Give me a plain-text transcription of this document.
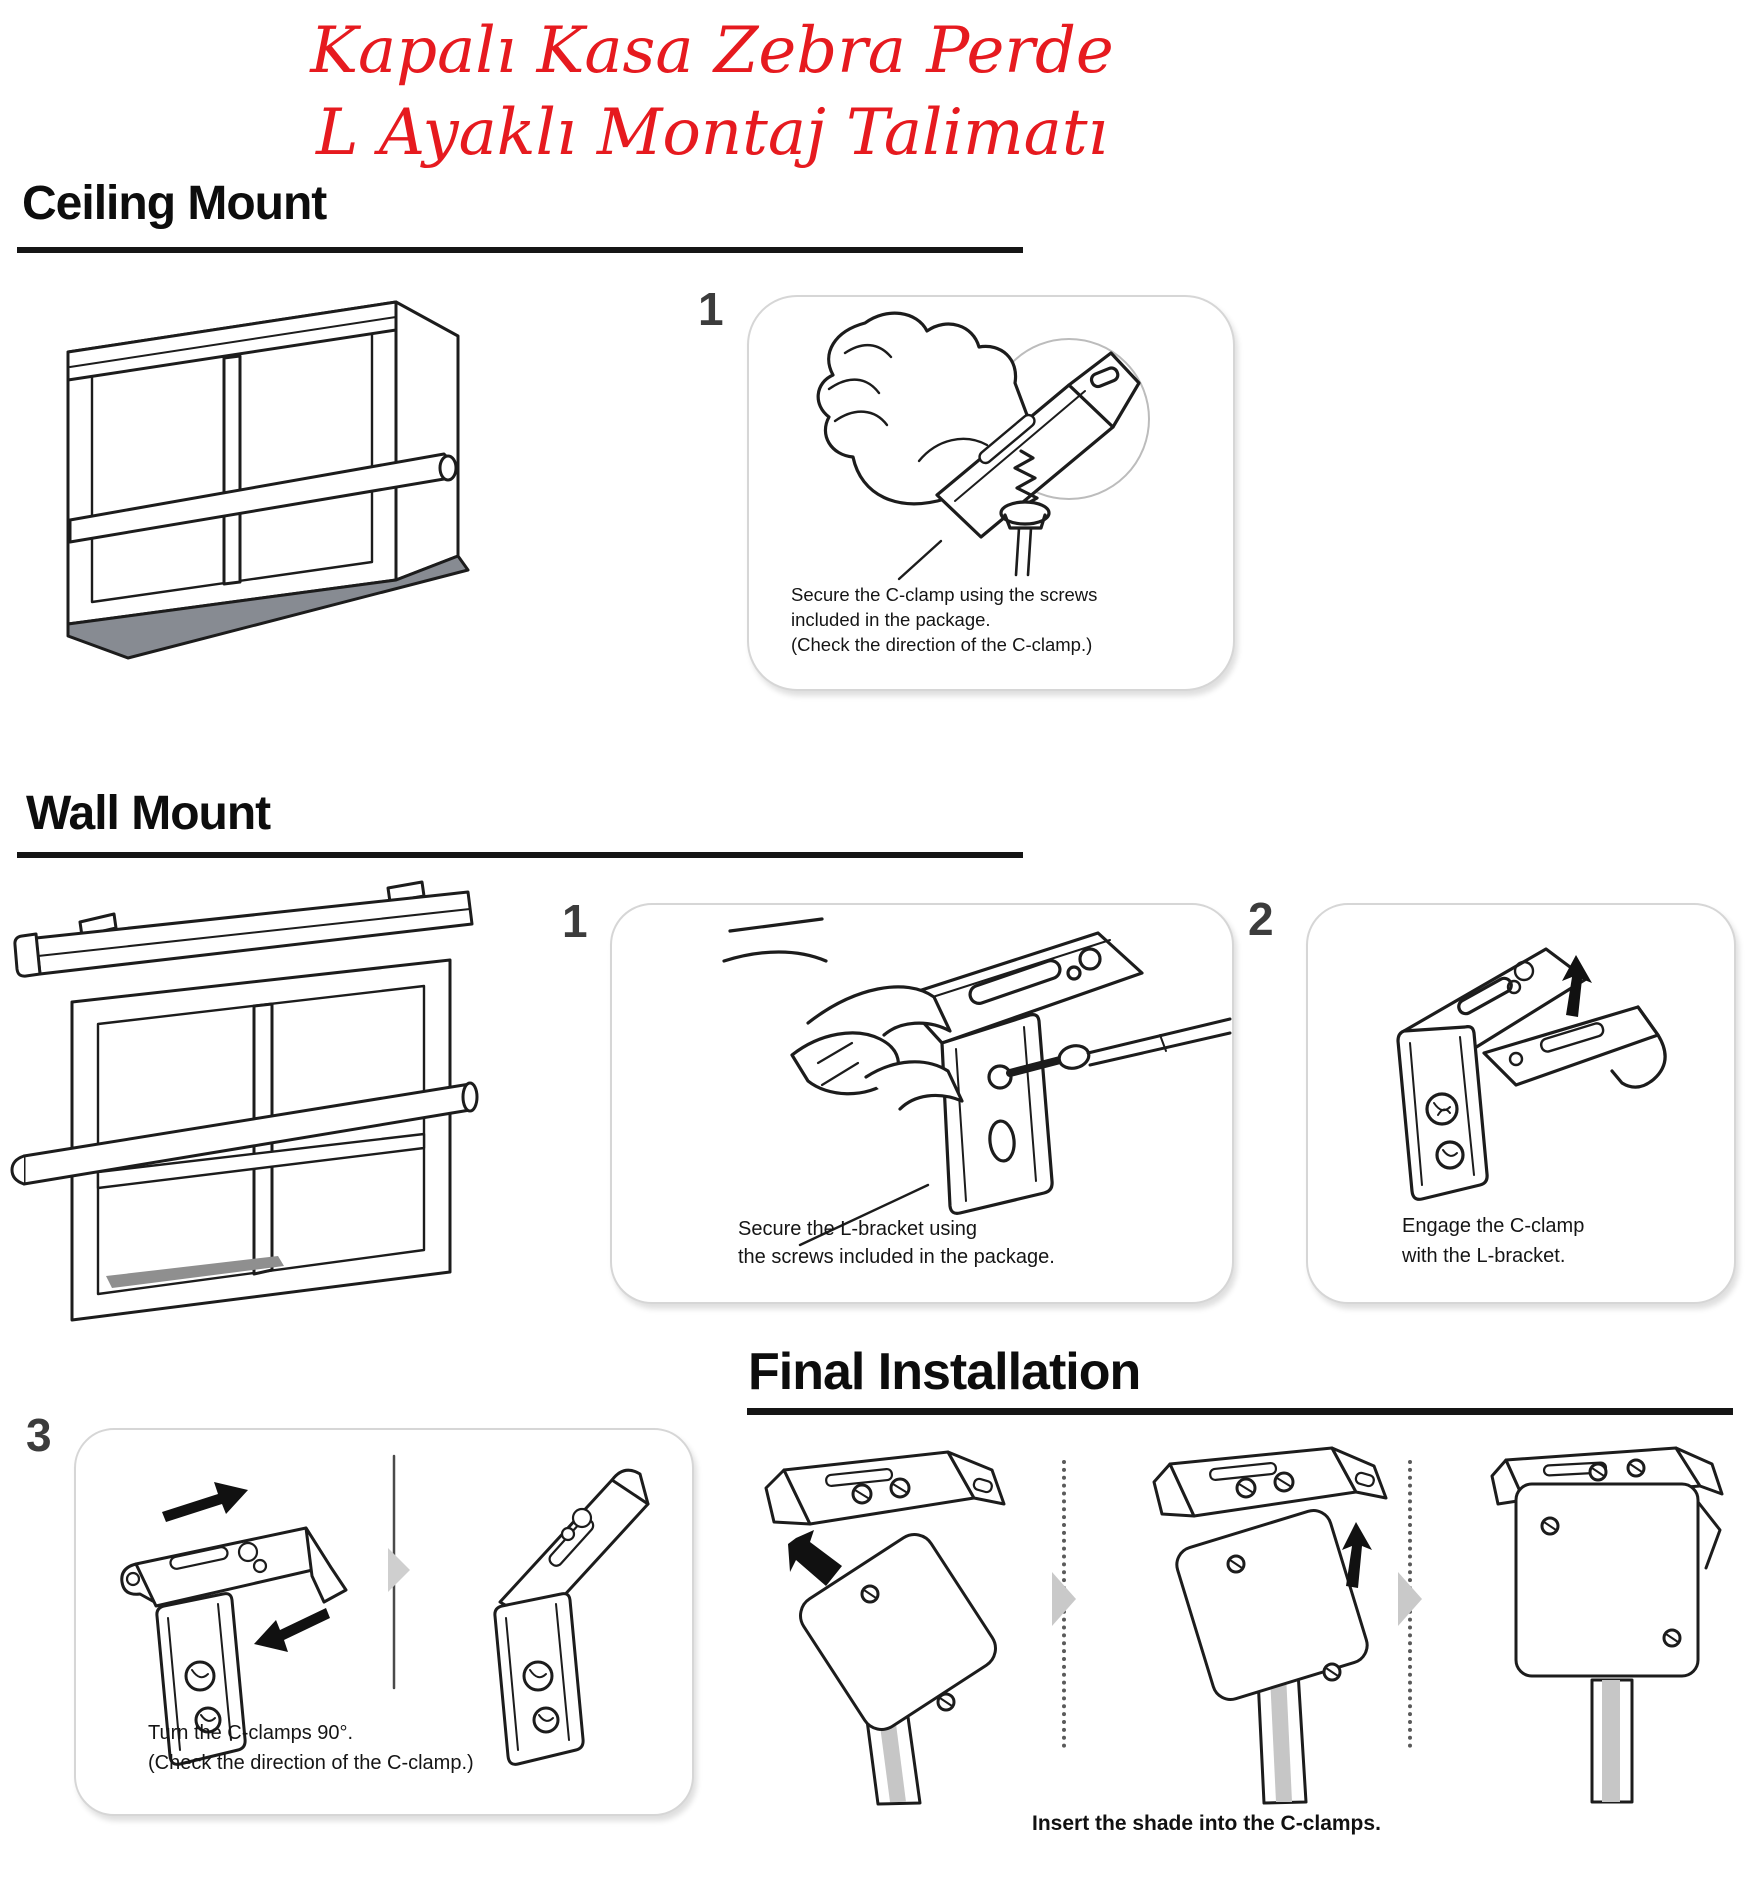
Kapalı Kasa Zebra Perde
L Ayaklı Montaj Talimatı
Ceiling Mount
1
Secure the C-clamp using the screws
included in the package.
(Check the direction of the C-clamp.)
Wall Mount
1	2
Secure the L-bracket using
the screws included in the package.
Engage the C-clamp
with the L-bracket.
Final Installation
3
Turn the C-clamps 90°.
(Check the direction of the C-clamp.)
Insert the shade into the C-clamps.
